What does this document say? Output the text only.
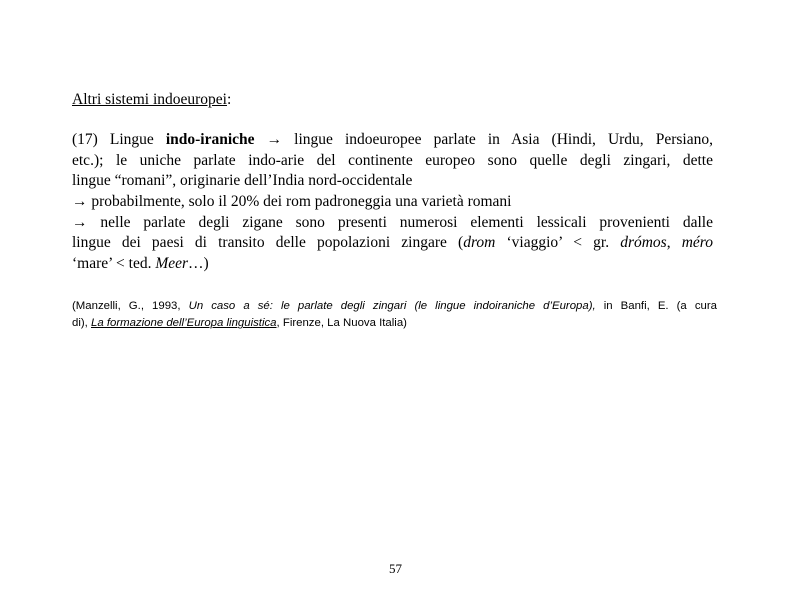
Altri sistemi indoeuropei:
(17) Lingue indo-iraniche → lingue indoeuropee parlate in Asia (Hindi, Urdu, Persiano,
etc.); le uniche parlate indo-arie del continente europeo sono quelle degli zingari, dette
lingue “romani”, originarie dell’India nord-occidentale
→ probabilmente, solo il 20% dei rom padroneggia una varietà romani
→ nelle parlate degli zigane sono presenti numerosi elementi lessicali provenienti dalle
lingue dei paesi di transito delle popolazioni zingare (drom ‘viaggio’ < gr. drómos, méro
‘mare’ < ted. Meer…)
(Manzelli, G., 1993, Un caso a sé: le parlate degli zingari (le lingue indoiraniche d’Europa), in Banfi, E. (a cura
di), La formazione dell’Europa linguistica, Firenze, La Nuova Italia)
57
